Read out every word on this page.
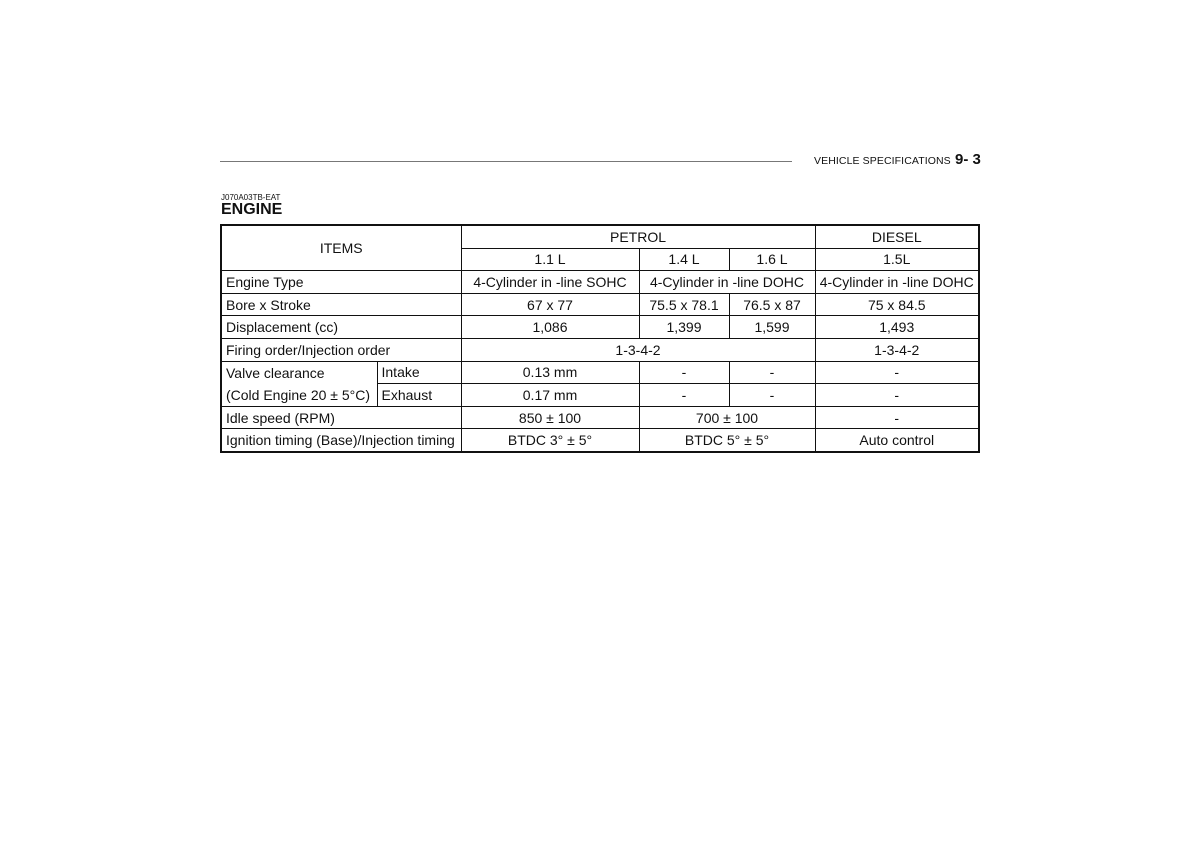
VEHICLE SPECIFICATIONS 9- 3
J070A03TB-EAT
ENGINE
ITEMS		PETROL			DIESEL
		1.1 L	1.4 L	1.6 L	1.5L
Engine Type		4-Cylinder in -line SOHC	4-Cylinder in -line DOHC		4-Cylinder in -line DOHC
Bore x Stroke		67 x 77	75.5 x 78.1	76.5 x 87	75 x 84.5
Displacement (cc)		1,086	1,399	1,599	1,493
Firing order/Injection order		1-3-4-2			1-3-4-2
Valve clearance	Intake	0.13 mm	-	-	-
(Cold Engine 20 ± 5°C)	Exhaust	0.17 mm	-	-	-
Idle speed (RPM)		850 ± 100	700 ± 100		-
Ignition timing (Base)/Injection timing		BTDC 3° ± 5°	BTDC 5° ± 5°		Auto control
